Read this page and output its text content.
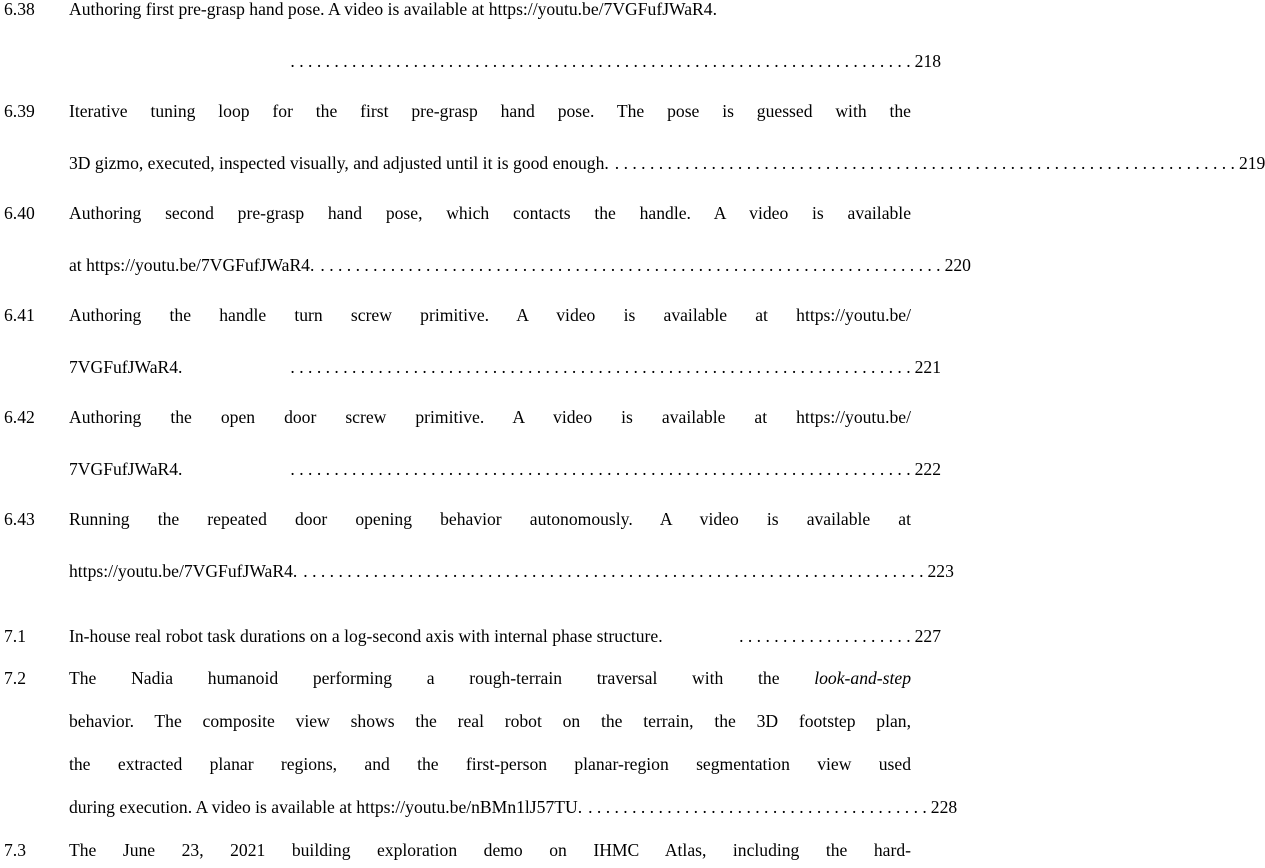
6.38 Authoring first pre-grasp hand pose. A video is available at https://youtu.be/7VGFufJWaR4.
. . . . . . . . . . . . . . . . . . . . . . . . . . . . . . . . . . . . . . . . . . . . . . . . . . . . . . . . . . . . . . . . . . . . . . . 218
6.39 Iterative tuning loop for the first pre-grasp hand pose. The pose is guessed with the
3D gizmo, executed, inspected visually, and adjusted until it is good enough. . . . . . . . . . . . . . . . . . . . . . . . . . . . . . . . . . . . . . . . . . . . . . . . . . . . . . . . . . . . . . . . . . . . . . . . 219
6.40 Authoring second pre-grasp hand pose, which contacts the handle. A video is available
at https://youtu.be/7VGFufJWaR4. . . . . . . . . . . . . . . . . . . . . . . . . . . . . . . . . . . . . . . . . . . . . . . . . . . . . . . . . . . . . . . . . . . . . . . . 220
6.41 Authoring the handle turn screw primitive. A video is available at https://youtu.be/
7VGFufJWaR4.	. . . . . . . . . . . . . . . . . . . . . . . . . . . . . . . . . . . . . . . . . . . . . . . . . . . . . . . . . . . . . . . . . . . . . . . 221
6.42 Authoring the open door screw primitive. A video is available at https://youtu.be/
7VGFufJWaR4.	. . . . . . . . . . . . . . . . . . . . . . . . . . . . . . . . . . . . . . . . . . . . . . . . . . . . . . . . . . . . . . . . . . . . . . . 222
6.43 Running the repeated door opening behavior autonomously. A video is available at
https://youtu.be/7VGFufJWaR4. . . . . . . . . . . . . . . . . . . . . . . . . . . . . . . . . . . . . . . . . . . . . . . . . . . . . . . . . . . . . . . . . . . . . . . . 223
7.1 In-house real robot task durations on a log-second axis with internal phase structure.	. . . . . . . . . . . . . . . . . . . . 227
7.2 The Nadia humanoid performing a rough-terrain traversal with the look-and-step
behavior. The composite view shows the real robot on the terrain, the 3D footstep plan,
the extracted planar regions, and the first-person planar-region segmentation view used
during execution. A video is available at https://youtu.be/nBMn1lJ57TU. . . . . . . . . . . . . . . . . . . . . . . . . . . . . . . . . . . . . . . . 228
7.3 The June 23, 2021 building exploration demo on IHMC Atlas, including the hard-
